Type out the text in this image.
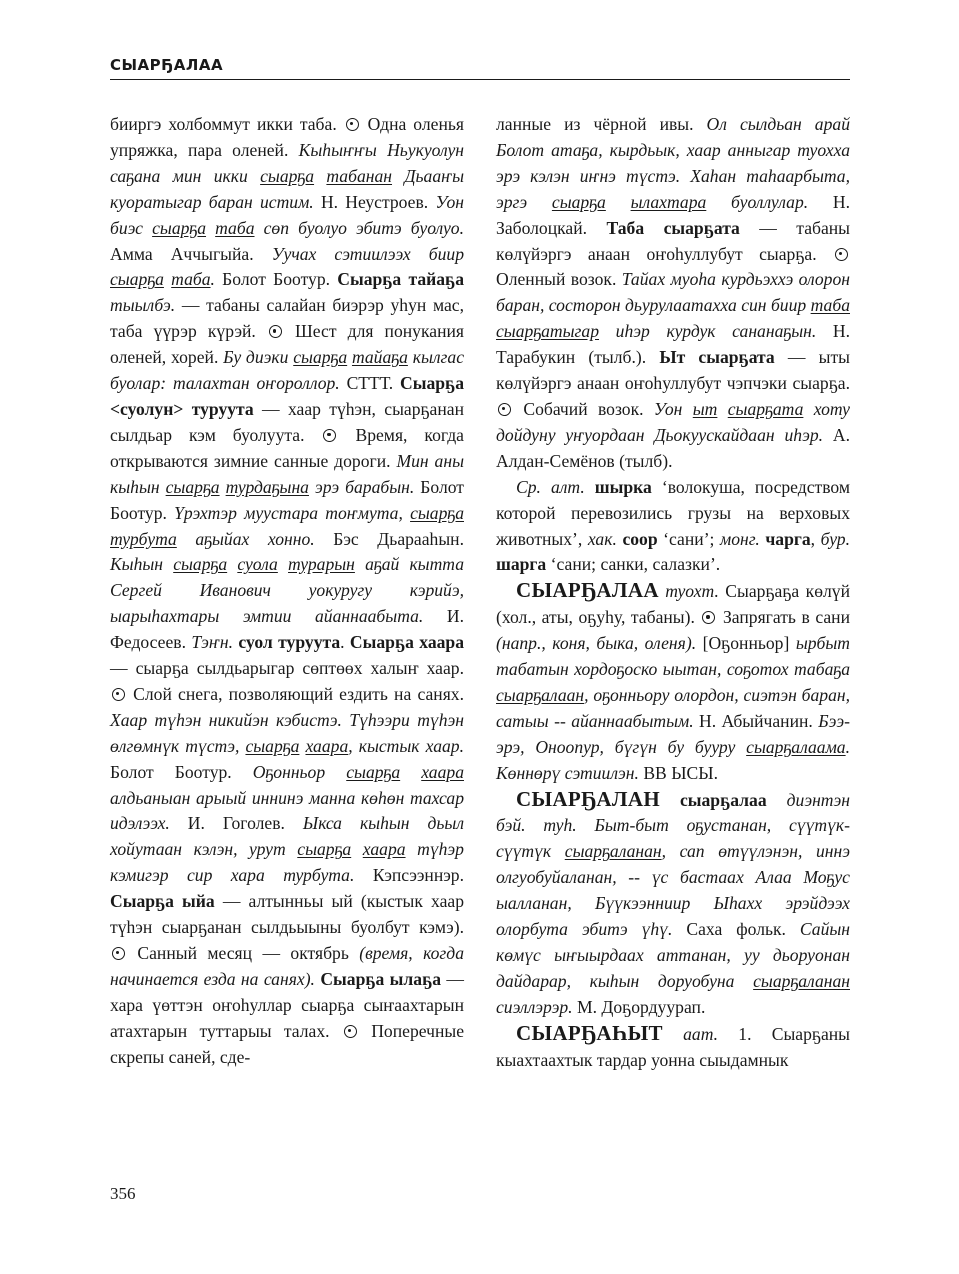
СЫАРҔАЛАА

бииргэ холбоммут икки таба.  Одна оленья упряжка, пара оленей. Кыһыҥҥы Ньукуолун саҕана мин икки сыарҕа табанан Дьааҥы куоратыгар баран истим. Н. Неустроев. Уон биэс сыарҕа таба сөп буолуо эбитэ буолуо. Амма Аччыгыйа. Уучах сэтиилээх биир сыарҕа таба. Болот Боотур. Сыарҕа тайаҕа тыылбэ. — табаны салайан биэрэр уһун мас, таба үүрэр күрэй.  Шест для понукания оленей, хорей. Бу диэки сыарҕа тайаҕа кылгас буолар: талахтан оҥороллор. СТТТ. Сыарҕа <суолун> туруута — хаар түһэн, сыарҕанан сылдьар кэм буолуута.  Время, когда открываются зимние санные дороги. Мин аны кыһын сыарҕа турдаҕына эрэ барабын. Болот Боотур. Үрэхтэр муустара тоҥмута, сыарҕа турбута аҕыйах хонно. Бэс Дьарааһын. Кыһын сыарҕа суола турарын аҕай кытта Сергей Иванович уокуругу кэрийэ, ыарыһахтары эмтии айаннаабыта. И. Федосеев. Тэҥн. суол туруута. Сыарҕа хаара — сыарҕа сылдьарыгар сөптөөх халыҥ хаар.  Слой снега, позволяющий ездить на санях. Хаар түһэн никийэн кэбистэ. Түһээри түһэн өлгөмнүк түстэ, сыарҕа хаара, кыстык хаар. Болот Боотур. Оҕонньор сыарҕа хаара алдьаныан арыый иннинэ манна көһөн тахсар идэлээх. И. Гоголев. Ыкса кыһын дьыл хойутаан кэлэн, урут сыарҕа хаара түһэр кэмигэр сир хара турбута. Кэпсээннэр. Сыарҕа ыйа — алтынньы ый (кыстык хаар түһэн сыарҕанан сылдьыыны буолбут кэмэ).  Санный месяц — октябрь (время, когда начинается езда на санях). Сыарҕа ылаҕа — хара үөттэн оҥоһуллар сыарҕа сыҥаахтарын атахтарын туттарыы талах.  Поперечные скрепы саней, сде-

ланные из чёрной ивы. Ол сылдьан арай Болот атаҕа, кырдьык, хаар анныгар туохха эрэ кэлэн иҥнэ түстэ. Хаһан таһаарбыта, эргэ сыарҕа ылахтара буоллулар. Н. Заболоцкай. Таба сыарҕата — табаны көлүйэргэ анаан оҥоһуллубут сыарҕа.  Оленный возок. Тайах муоһа курдьэххэ олорон баран, состорон дьурулаатахха син биир таба сыарҕатыгар иһэр курдук сананаҕын. Н. Тарабукин (тылб.). Ыт сыарҕата — ыты көлүйэргэ анаан оҥоһуллубут чэпчэки сыарҕа.  Собачий возок. Уон ыт сыарҕата хоту дойдуну уҥуордаан Дьокуускайдаан иһэр. А. Алдан-Семёнов (тылб).

Ср. алт. шырка ‘волокуша, посредством которой перевозились грузы на верховых животных’, хак. соор ‘сани’; монг. чарга, бур. шарга ‘сани; санки, салазки’.

СЫАРҔАЛАА туохт. Сыарҕаҕа көлүй (хол., аты, оҕуһу, табаны).  Запрягать в сани (напр., коня, быка, оленя). [Оҕонньор] ырбыт табатын хордоҕоско ыытан, соҕотох табаҕа сыарҕалаан, оҕонньору олордон, сиэтэн баран, сатыы -- айаннаабытым. Н. Абыйчанин. Бээ-эрэ, Оноопур, бүгүн бу бууру сыарҕалаама. Көннөрү сэтиилэн. ВВ ЫСЫ.

СЫАРҔАЛАН сыарҕалаа диэнтэн бэй. туһ. Быт-быт оҕустанан, сүүтүк-сүүтүк сыарҕаланан, сап өтүүлэнэн, иннэ олгуобуйаланан, -- үс бастаах Алаа Моҕус ыалланан, Бүүкээнниир Ыһахх эрэйдээх олорбута эбитэ үһү. Саха фольк. Сайын көмүс ыҥыырдаах аттанан, уу дьоруонан дайдарар, кыһын доруобуна сыарҕаланан сиэллэрэр. М. Доҕордуурап.

СЫАРҔАҺЫТ аат. 1. Сыарҕаны кыахтаахтык тардар уонна сыыдамнык

356
